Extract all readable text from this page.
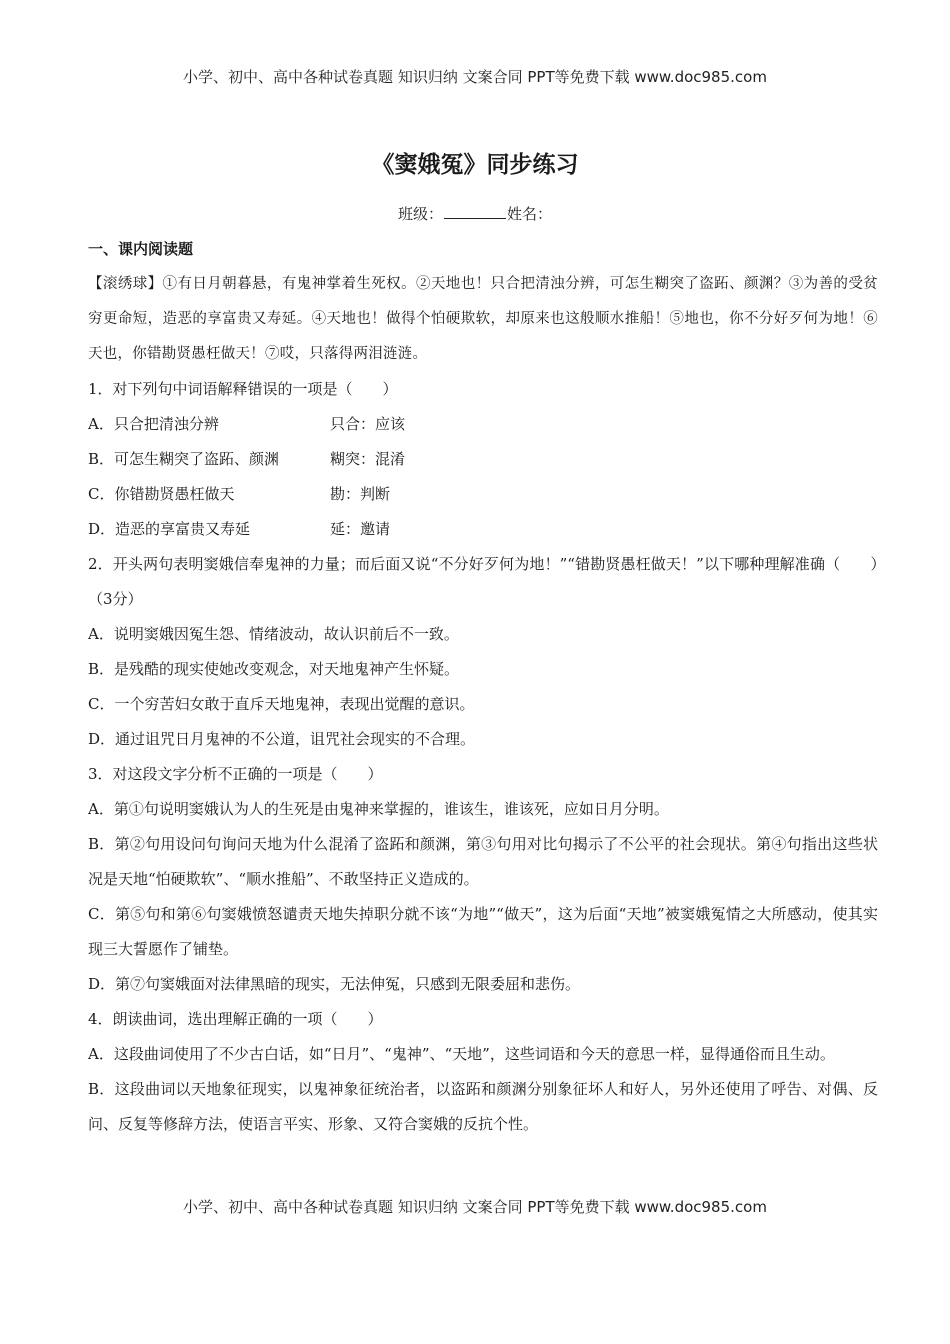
小学、初中、高中各种试卷真题 知识归纳 文案合同 PPT等免费下载 www.doc985.com
《窦娥冤》同步练习
班级：	姓名：
一、课内阅读题
【滚绣球】①有日月朝暮悬，有鬼神掌着生死权。②天地也！只合把清浊分辨，可怎生糊突了盗跖、颜渊？③为善的受贫穷更命短，造恶的享富贵又寿延。④天地也！做得个怕硬欺软，却原来也这般顺水推船！⑤地也，你不分好歹何为地！⑥天也，你错勘贤愚枉做天！⑦哎，只落得两泪涟涟。
1．对下列句中词语解释错误的一项是（　　）
A．只合把清浊分辨	只合：应该
B．可怎生糊突了盗跖、颜渊	糊突：混淆
C．你错勘贤愚枉做天	勘：判断
D．造恶的享富贵又寿延	延：邀请
2．开头两句表明窦娥信奉鬼神的力量；而后面又说“不分好歹何为地！”“错勘贤愚枉做天！”以下哪种理解准确（　　）（3分）
A．说明窦娥因冤生怨、情绪波动，故认识前后不一致。
B．是残酷的现实使她改变观念，对天地鬼神产生怀疑。
C．一个穷苦妇女敢于直斥天地鬼神，表现出觉醒的意识。
D．通过诅咒日月鬼神的不公道，诅咒社会现实的不合理。
3．对这段文字分析不正确的一项是（　　）
A．第①句说明窦娥认为人的生死是由鬼神来掌握的，谁该生，谁该死，应如日月分明。
B．第②句用设问句询问天地为什么混淆了盗跖和颜渊，第③句用对比句揭示了不公平的社会现状。第④句指出这些状况是天地“怕硬欺软”、“顺水推船”、不敢坚持正义造成的。
C．第⑤句和第⑥句窦娥愤怒谴责天地失掉职分就不该“为地”“做天”，这为后面“天地”被窦娥冤情之大所感动，使其实现三大誓愿作了铺垫。
D．第⑦句窦娥面对法律黑暗的现实，无法伸冤，只感到无限委屈和悲伤。
4．朗读曲词，选出理解正确的一项（　　）
A．这段曲词使用了不少古白话，如“日月”、“鬼神”、“天地”，这些词语和今天的意思一样，显得通俗而且生动。
B．这段曲词以天地象征现实，以鬼神象征统治者，以盗跖和颜渊分别象征坏人和好人，另外还使用了呼告、对偶、反问、反复等修辞方法，使语言平实、形象、又符合窦娥的反抗个性。
小学、初中、高中各种试卷真题 知识归纳 文案合同 PPT等免费下载 www.doc985.com
